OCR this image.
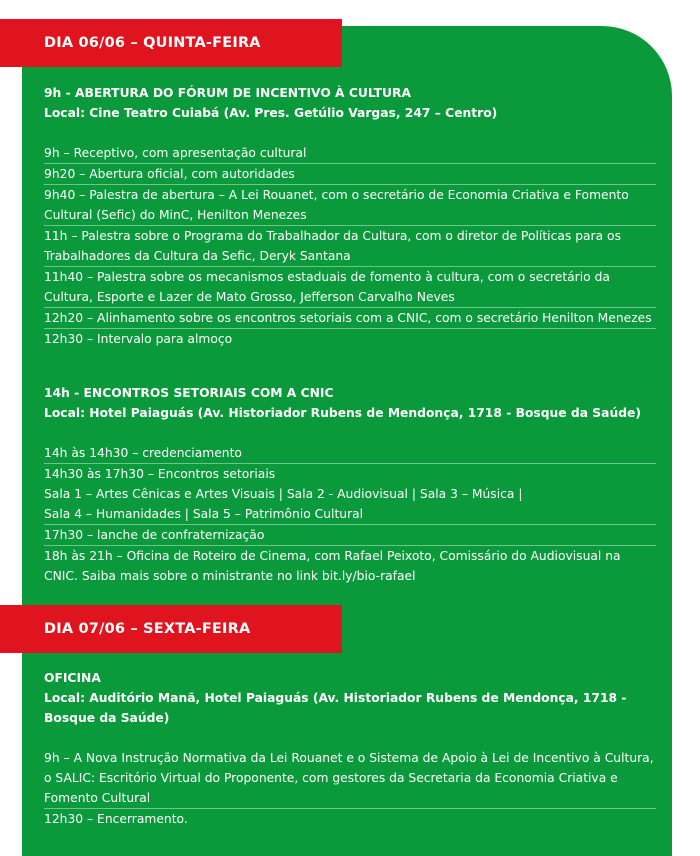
DIA 06/06 – QUINTA-FEIRA
9h - ABERTURA DO FÓRUM DE INCENTIVO À CULTURA
Local: Cine Teatro Cuiabá (Av. Pres. Getúlio Vargas, 247 – Centro)
9h – Receptivo, com apresentação cultural
9h20 – Abertura oficial, com autoridades
9h40 – Palestra de abertura – A Lei Rouanet, com o secretário de Economia Criativa e Fomento Cultural (Sefic) do MinC, Henilton Menezes
11h – Palestra sobre o Programa do Trabalhador da Cultura, com o diretor de Políticas para os Trabalhadores da Cultura da Sefic, Deryk Santana
11h40 – Palestra sobre os mecanismos estaduais de fomento à cultura, com o secretário da Cultura, Esporte e Lazer de Mato Grosso, Jefferson Carvalho Neves
12h20 – Alinhamento sobre os encontros setoriais com a CNIC, com o secretário Henilton Menezes
12h30 – Intervalo para almoço
14h - ENCONTROS SETORIAIS COM A CNIC
Local: Hotel Paiaguás (Av. Historiador Rubens de Mendonça, 1718 - Bosque da Saúde)
14h às 14h30 – credenciamento
14h30 às 17h30 – Encontros setoriais
Sala 1 – Artes Cênicas e Artes Visuais | Sala 2 - Audiovisual | Sala 3 – Música |
Sala 4 – Humanidades | Sala 5 – Patrimônio Cultural
17h30 – lanche de confraternização
18h às 21h – Oficina de Roteiro de Cinema, com Rafael Peixoto, Comissário do Audiovisual na CNIC. Saiba mais sobre o ministrante no link bit.ly/bio-rafael
DIA 07/06 – SEXTA-FEIRA
OFICINA
Local: Auditório Manã, Hotel Paiaguás (Av. Historiador Rubens de Mendonça, 1718 - Bosque da Saúde)
9h – A Nova Instrução Normativa da Lei Rouanet e o Sistema de Apoio à Lei de Incentivo à Cultura, o SALIC: Escritório Virtual do Proponente, com gestores da Secretaria da Economia Criativa e Fomento Cultural
12h30 – Encerramento.
